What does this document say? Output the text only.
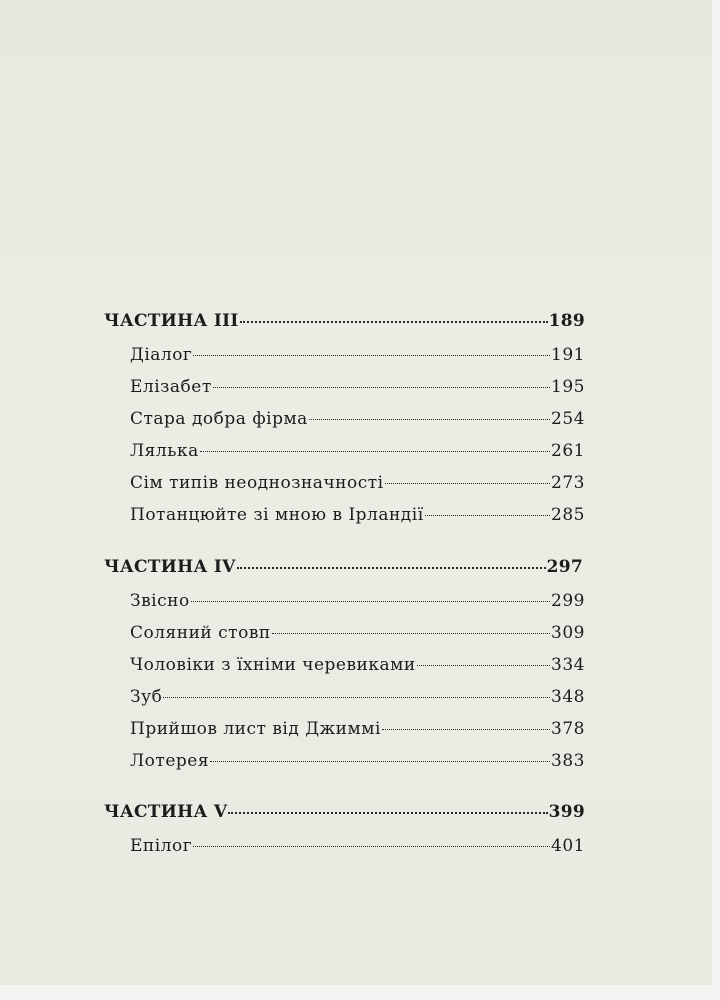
ЧАСТИНА III	189
Діалог	191
Елізабет	195
Стара добра фірма	254
Лялька	261
Сім типів неоднозначності	273
Потанцюйте зі мною в Ірландії	285
ЧАСТИНА IV	297
Звісно	299
Соляний стовп	309
Чоловіки з їхніми черевиками	334
Зуб	348
Прийшов лист від Джиммі	378
Лотерея	383
ЧАСТИНА V	399
Епілог	401
